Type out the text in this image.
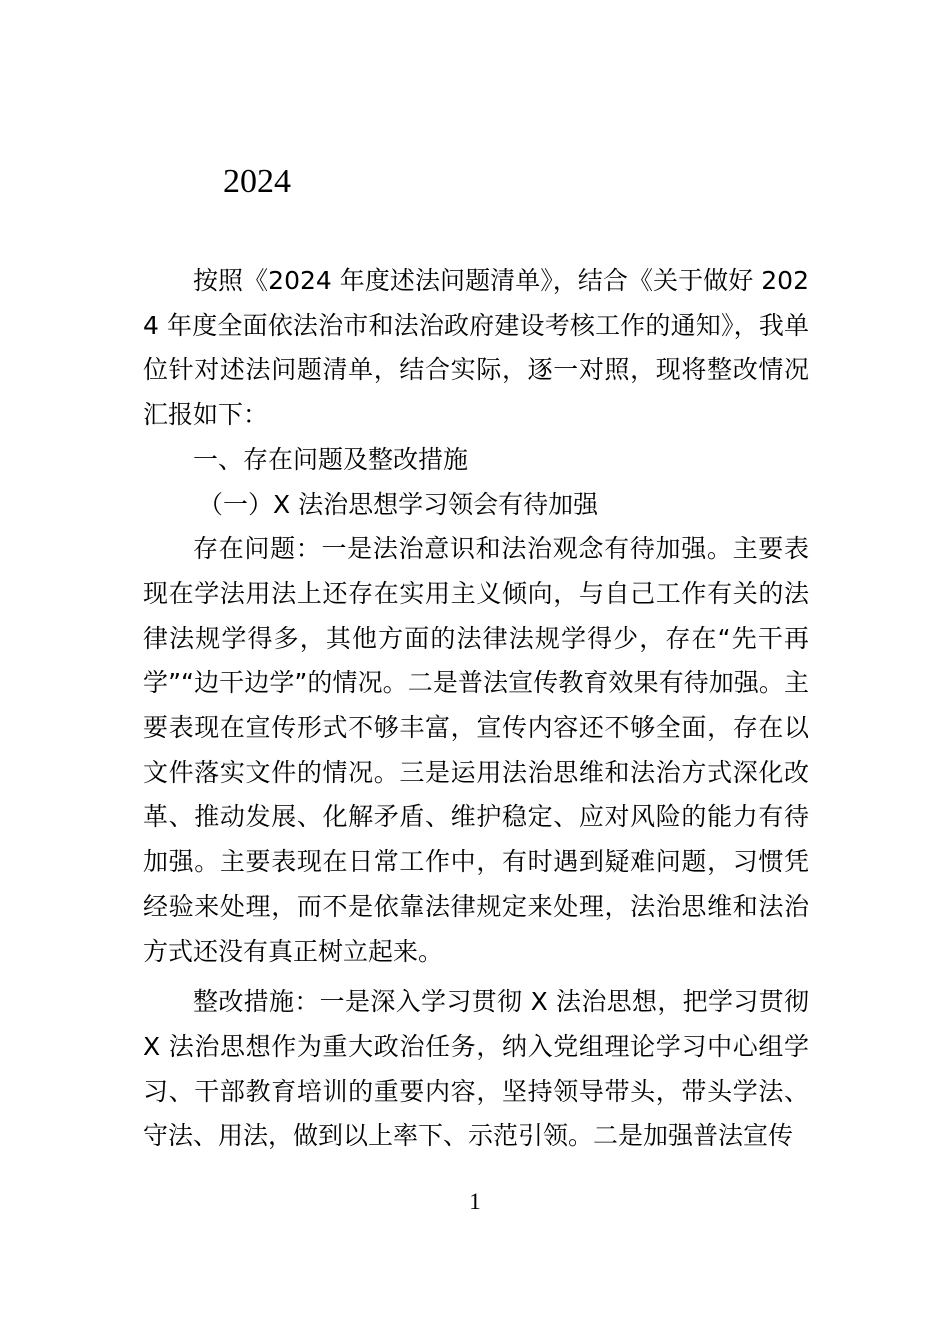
2024

按照《2024 年度述法问题清单》，结合《关于做好 2024 年度全面依法治市和法治政府建设考核工作的通知》，我单位针对述法问题清单，结合实际，逐一对照，现将整改情况汇报如下：

一、存在问题及整改措施

（一）X 法治思想学习领会有待加强

存在问题：一是法治意识和法治观念有待加强。主要表现在学法用法上还存在实用主义倾向，与自己工作有关的法律法规学得多，其他方面的法律法规学得少，存在“先干再学”“边干边学”的情况。二是普法宣传教育效果有待加强。主要表现在宣传形式不够丰富，宣传内容还不够全面，存在以文件落实文件的情况。三是运用法治思维和法治方式深化改革、推动发展、化解矛盾、维护稳定、应对风险的能力有待加强。主要表现在日常工作中，有时遇到疑难问题，习惯凭经验来处理，而不是依靠法律规定来处理，法治思维和法治方式还没有真正树立起来。

整改措施：一是深入学习贯彻 X 法治思想，把学习贯彻 X 法治思想作为重大政治任务，纳入党组理论学习中心组学习、干部教育培训的重要内容，坚持领导带头，带头学法、守法、用法，做到以上率下、示范引领。二是加强普法宣传

1
